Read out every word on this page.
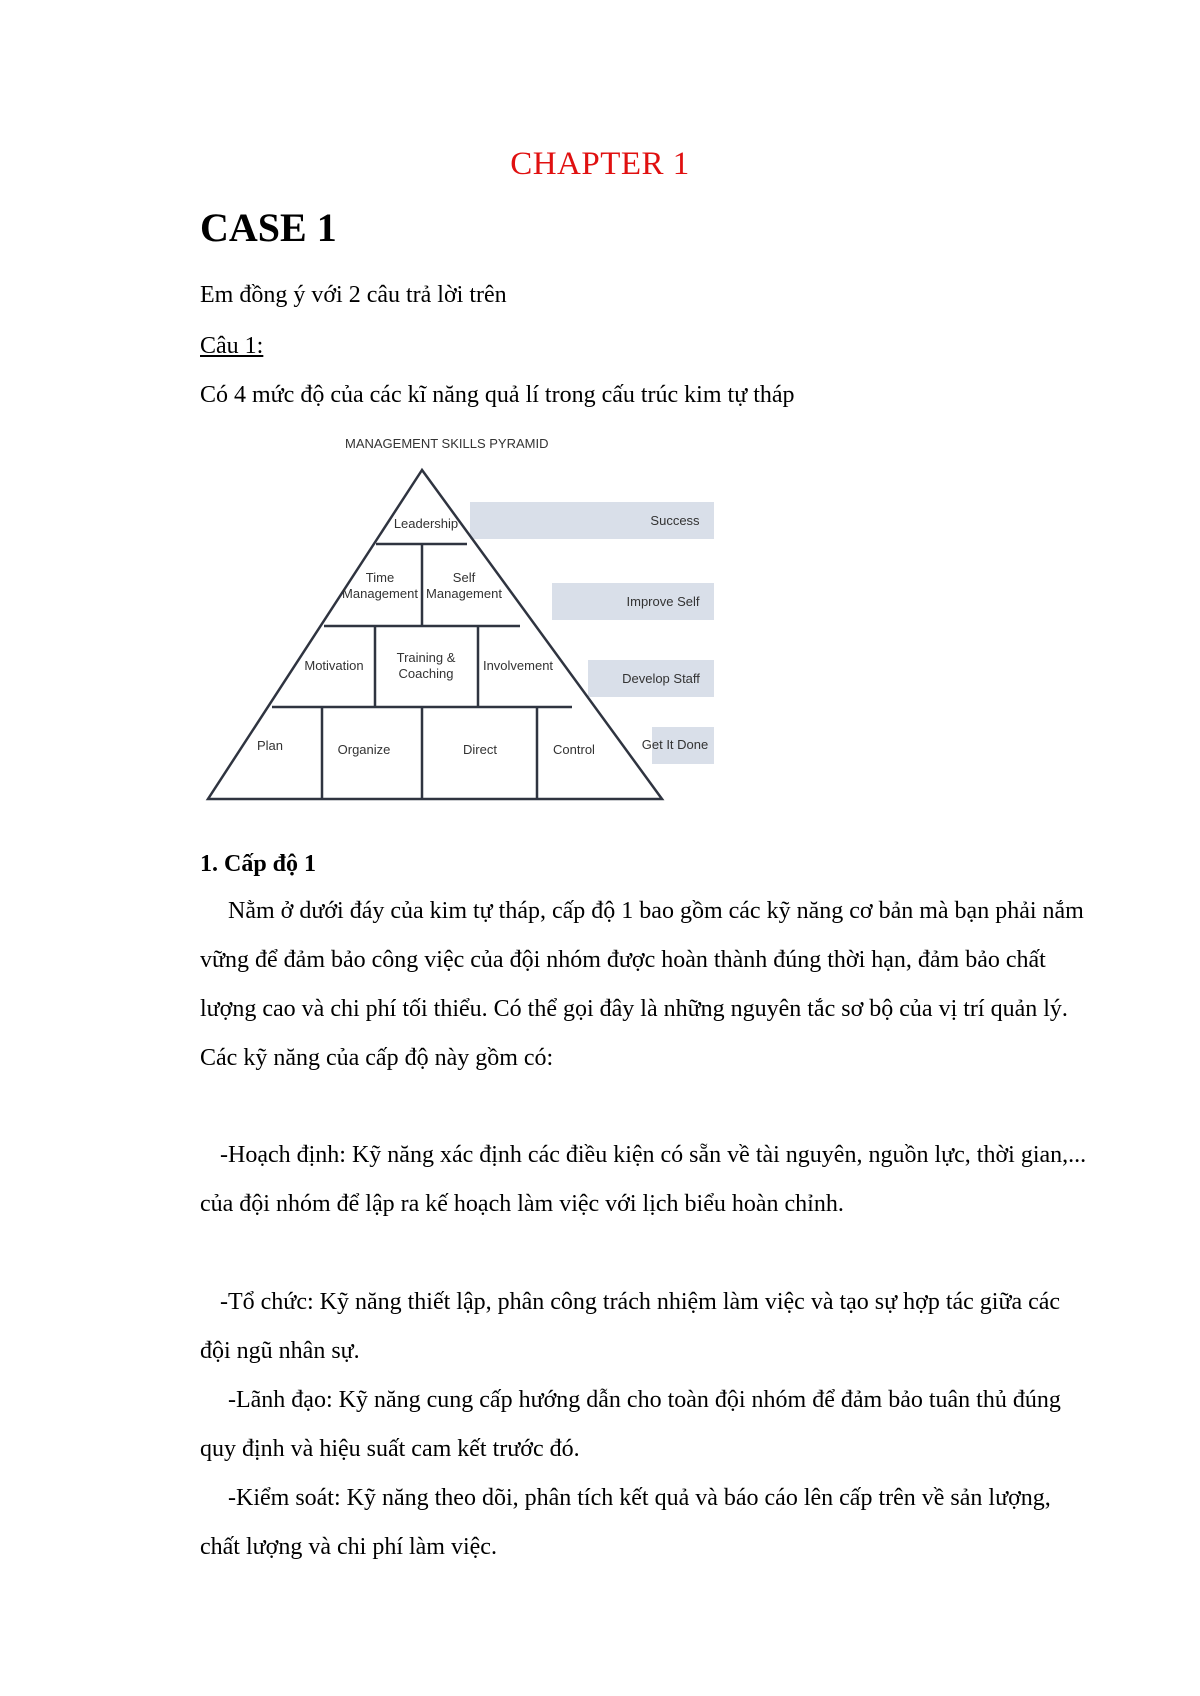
CHAPTER 1
CASE 1
Em đồng ý với 2 câu trả lời trên
Câu 1:
Có 4 mức độ của các kĩ năng quả lí trong cấu trúc kim tự tháp
MANAGEMENT SKILLS PYRAMID
Leadership
Time
Management
Self
Management
Motivation
Training &
Coaching
Involvement
Plan	Organize	Direct	Control
Success
Improve Self
Develop Staff
Get It Done
1. Cấp độ 1
Nằm ở dưới đáy của kim tự tháp, cấp độ 1 bao gồm các kỹ năng cơ bản mà bạn phải nắm vững để đảm bảo công việc của đội nhóm được hoàn thành đúng thời hạn, đảm bảo chất lượng cao và chi phí tối thiểu. Có thể gọi đây là những nguyên tắc sơ bộ của vị trí quản lý. Các kỹ năng của cấp độ này gồm có:
-Hoạch định: Kỹ năng xác định các điều kiện có sẵn về tài nguyên, nguồn lực, thời gian,... của đội nhóm để lập ra kế hoạch làm việc với lịch biểu hoàn chỉnh.
-Tổ chức: Kỹ năng thiết lập, phân công trách nhiệm làm việc và tạo sự hợp tác giữa các đội ngũ nhân sự.
-Lãnh đạo: Kỹ năng cung cấp hướng dẫn cho toàn đội nhóm để đảm bảo tuân thủ đúng quy định và hiệu suất cam kết trước đó.
-Kiểm soát: Kỹ năng theo dõi, phân tích kết quả và báo cáo lên cấp trên về sản lượng, chất lượng và chi phí làm việc.
